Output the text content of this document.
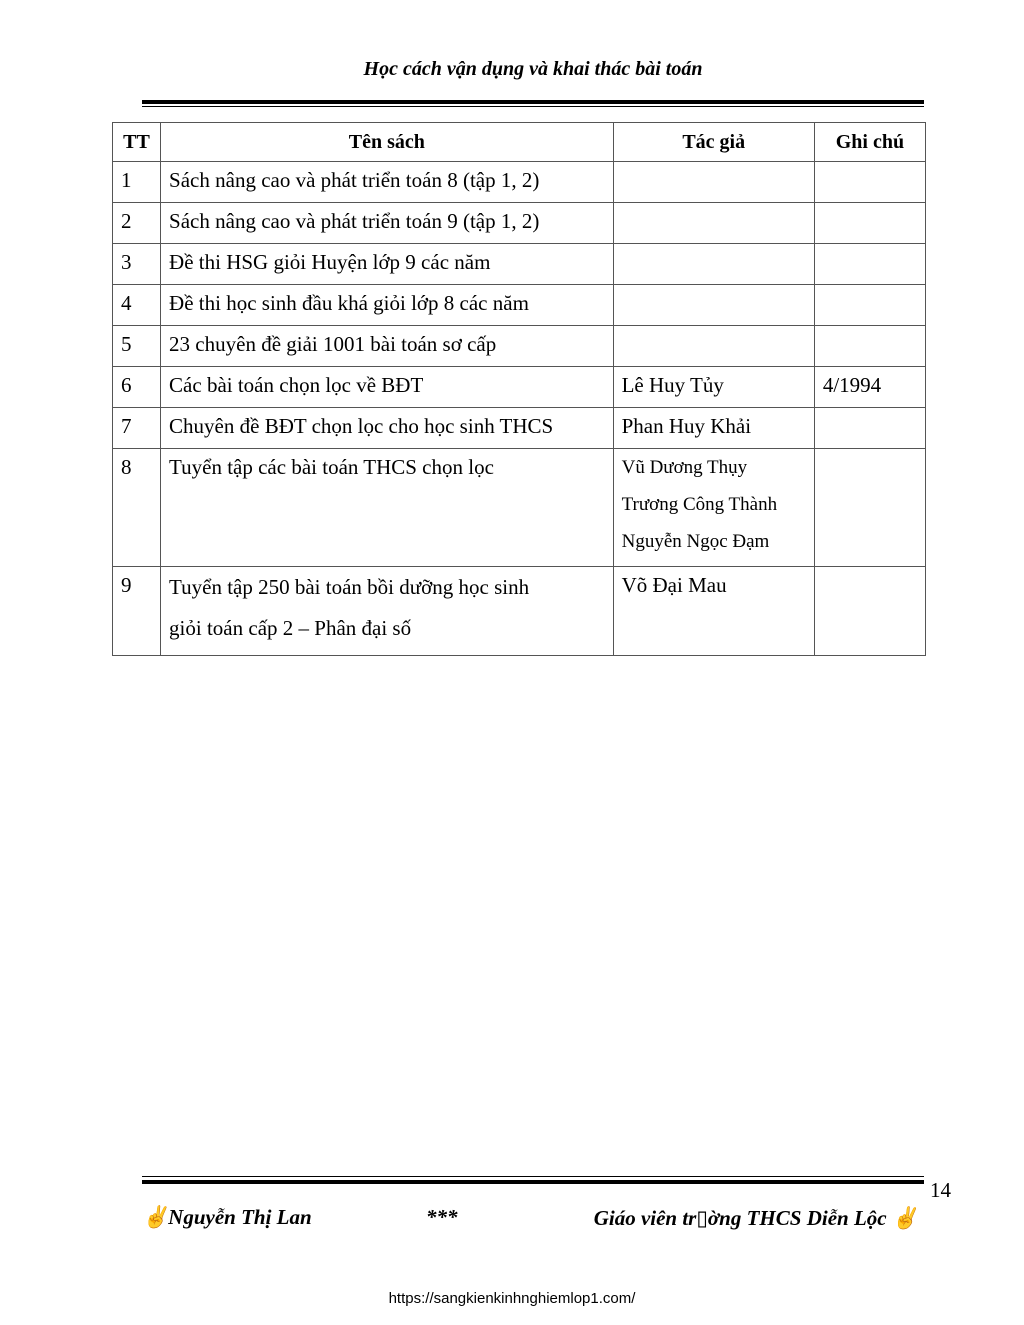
Học cách vận dụng và khai thác bài toán
TT	Tên sách	Tác giả	Ghi chú
1	Sách nâng cao và phát triển toán 8 (tập 1, 2)		
2	Sách nâng cao và phát triển toán 9 (tập 1, 2)		
3	Đề thi HSG giỏi Huyện lớp 9 các năm		
4	Đề thi học sinh đầu khá giỏi lớp 8 các năm		
5	23 chuyên đề giải 1001 bài toán sơ cấp		
6	Các bài toán chọn lọc về BĐT	Lê Huy Tủy	4/1994
7	Chuyên đề BĐT chọn lọc cho học sinh THCS	Phan Huy Khải	
8	Tuyển tập các bài toán THCS chọn lọc	Vũ Dương Thụy
Trương Công Thành
Nguyễn Ngọc Đạm	

9	Tuyển tập 250 bài toán bồi dưỡng học sinh
giỏi toán cấp 2 – Phân đại số	Võ Đại Mau	
14
✌Nguyễn Thị Lan	***	Giáo viên tr▯ờng THCS Diễn Lộc ✌
https://sangkienkinhnghiemlop1.com/
